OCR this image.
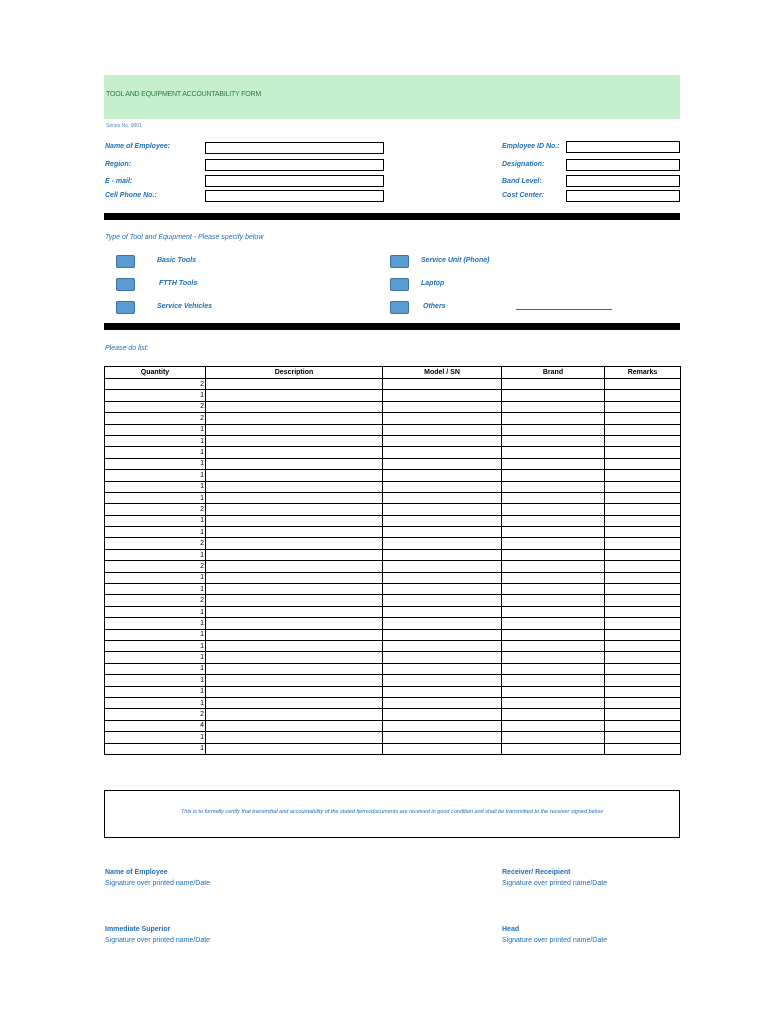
TOOL AND EQUIPMENT ACCOUNTABILITY FORM
Series No. 0001
Name of Employee:
Region:
E - mail:
Cell Phone No.:
Employee ID No.:
Designation:
Band Level:
Cost Center:
Type of Tool and Equipment - Please specify below
Basic Tools
FTTH Tools
Service Vehicles
Service Unit (Phone)
Laptop
Others
Please do list:
Quantity	Description	Model / SN	Brand	Remarks
2				
1				
2				
2				
1				
1				
1				
1				
1				
1				
1				
2				
1				
1				
2				
1				
2				
1				
1				
2				
1				
1				
1				
1				
1				
1				
1				
1				
1				
2				
4				
1				
1				
This is to formally certify that transmittal and accountability of the stated items/documents are received in good condition and shall be transmitted to the receiver signed below
Name of Employee
Signature over printed name/Date
Receiver/ Receipient
Signature over printed name/Date
Immediate Superior
Signature over printed name/Date
Head
Signature over printed name/Date
